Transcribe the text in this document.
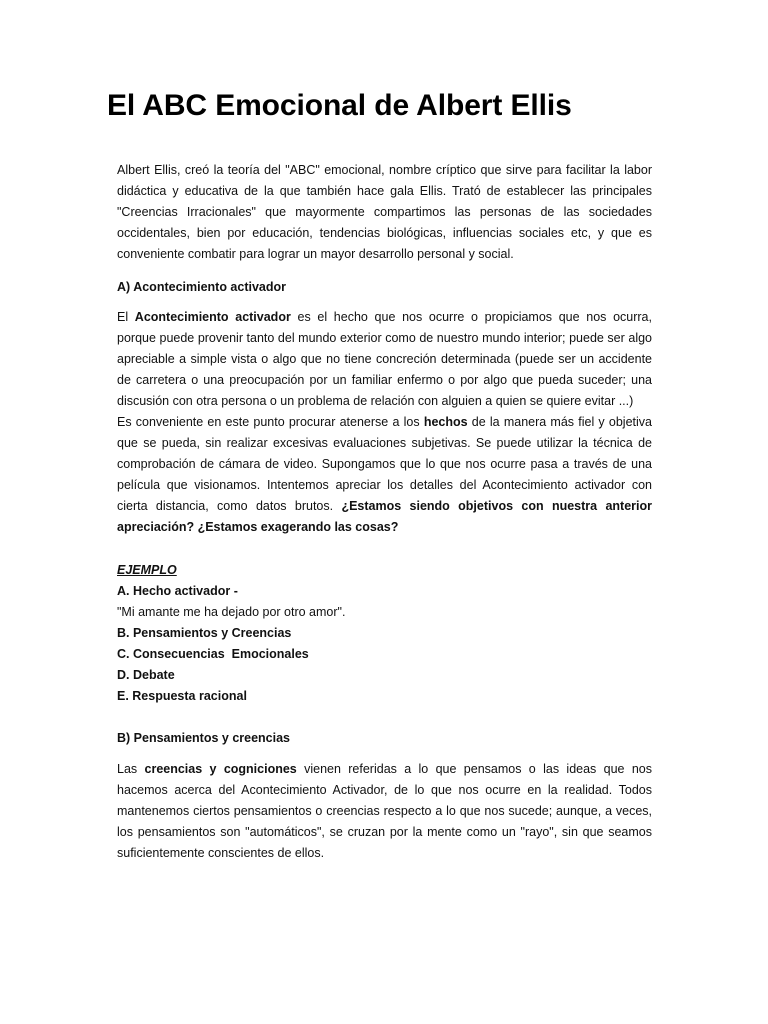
El ABC Emocional de Albert Ellis

Albert Ellis, creó la teoría del "ABC" emocional, nombre críptico que sirve para facilitar la labor didáctica y educativa de la que también hace gala Ellis. Trató de establecer las principales "Creencias Irracionales" que mayormente compartimos las personas de las sociedades occidentales, bien por educación, tendencias biológicas, influencias sociales etc, y que es conveniente combatir para lograr un mayor desarrollo personal y social.

A) Acontecimiento activador

El Acontecimiento activador es el hecho que nos ocurre o propiciamos que nos ocurra, porque puede provenir tanto del mundo exterior como de nuestro mundo interior; puede ser algo apreciable a simple vista o algo que no tiene concreción determinada (puede ser un accidente de carretera o una preocupación por un familiar enfermo o por algo que pueda suceder; una discusión con otra persona o un problema de relación con alguien a quien se quiere evitar ...)

Es conveniente en este punto procurar atenerse a los hechos de la manera más fiel y objetiva que se pueda, sin realizar excesivas evaluaciones subjetivas. Se puede utilizar la técnica de comprobación de cámara de video. Supongamos que lo que nos ocurre pasa a través de una película que visionamos. Intentemos apreciar los detalles del Acontecimiento activador con cierta distancia, como datos brutos. ¿Estamos siendo objetivos con nuestra anterior apreciación? ¿Estamos exagerando las cosas?

EJEMPLO

A. Hecho activador -

"Mi amante me ha dejado por otro amor".

B. Pensamientos y Creencias

C. Consecuencias  Emocionales

D. Debate

E. Respuesta racional

B) Pensamientos y creencias

Las creencias y cogniciones vienen referidas a lo que pensamos o las ideas que nos hacemos acerca del Acontecimiento Activador, de lo que nos ocurre en la realidad. Todos mantenemos ciertos pensamientos o creencias respecto a lo que nos sucede; aunque, a veces, los pensamientos son "automáticos", se cruzan por la mente como un "rayo", sin que seamos suficientemente conscientes de ellos.
